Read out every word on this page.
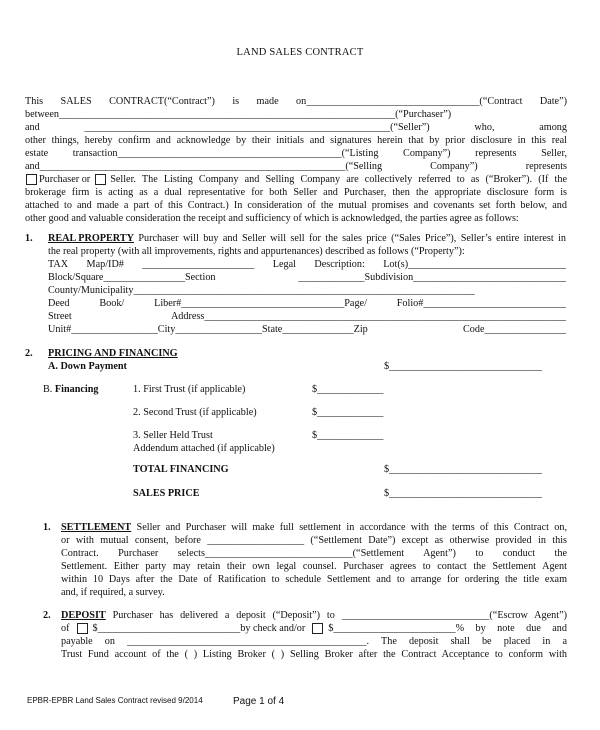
LAND SALES CONTRACT
This SALES CONTRACT(“Contract”) is made on__________________________________(“Contract Date”)
between__________________________________________________________________(“Purchaser”)
and ____________________________________________________________(“Seller”) who, among
other things, hereby confirm and acknowledge by their initials and signatures herein that by prior disclosure in this real
estate transaction____________________________________________(“Listing Company”) represents Seller,
and____________________________________________________________(“Selling Company”) represents
Purchaser or Seller. The Listing Company and Selling Company are collectively referred to as (“Broker”). (If the
brokerage firm is acting as a dual representative for both Seller and Purchaser, then the appropriate disclosure form is
attached to and made a part of this Contract.) In consideration of the mutual promises and covenants set forth below, and
other good and valuable consideration the receipt and sufficiency of which is acknowledged, the parties agree as follows:
1. REAL PROPERTY Purchaser will buy and Seller will sell for the sales price (“Sales Price”), Seller’s entire interest in
the real property (with all improvements, rights and appurtenances) described as follows (“Property”):
TAX Map/ID# ______________________ Legal Description: Lot(s)_______________________________
Block/Square________________Section _____________Subdivision______________________________
County/Municipality___________________________________________________________________
Deed Book/ Liber#________________________________Page/ Folio#____________________________
Street Address_______________________________________________________________________
Unit#_________________City_________________State______________Zip Code________________
2. PRICING AND FINANCING
A. Down Payment	$______________________________
B. Financing	1. First Trust (if applicable)	$_____________
2. Second Trust (if applicable)	$_____________
3. Seller Held Trust	$_____________
Addendum attached (if applicable)
TOTAL FINANCING	$______________________________
SALES PRICE	$______________________________
1. SETTLEMENT Seller and Purchaser will make full settlement in accordance with the terms of this Contract on,
or with mutual consent, before ___________________ (“Settlement Date”) except as otherwise provided in this
Contract. Purchaser selects_____________________________(“Settlement Agent”) to conduct the
Settlement. Either party may retain their own legal counsel. Purchaser agrees to contact the Settlement Agent
within 10 Days after the Date of Ratification to schedule Settlement and to arrange for ordering the title exam
and, if required, a survey.
2. DEPOSIT Purchaser has delivered a deposit (“Deposit”) to _____________________________(“Escrow Agent”)
of $____________________________by check and/or $________________________% by note due and
payable on _______________________________________________. The deposit shall be placed in a
Trust Fund account of the ( ) Listing Broker ( ) Selling Broker after the Contract Acceptance to conform with
EPBR-EPBR Land Sales Contract revised 9/2014	Page 1 of 4
